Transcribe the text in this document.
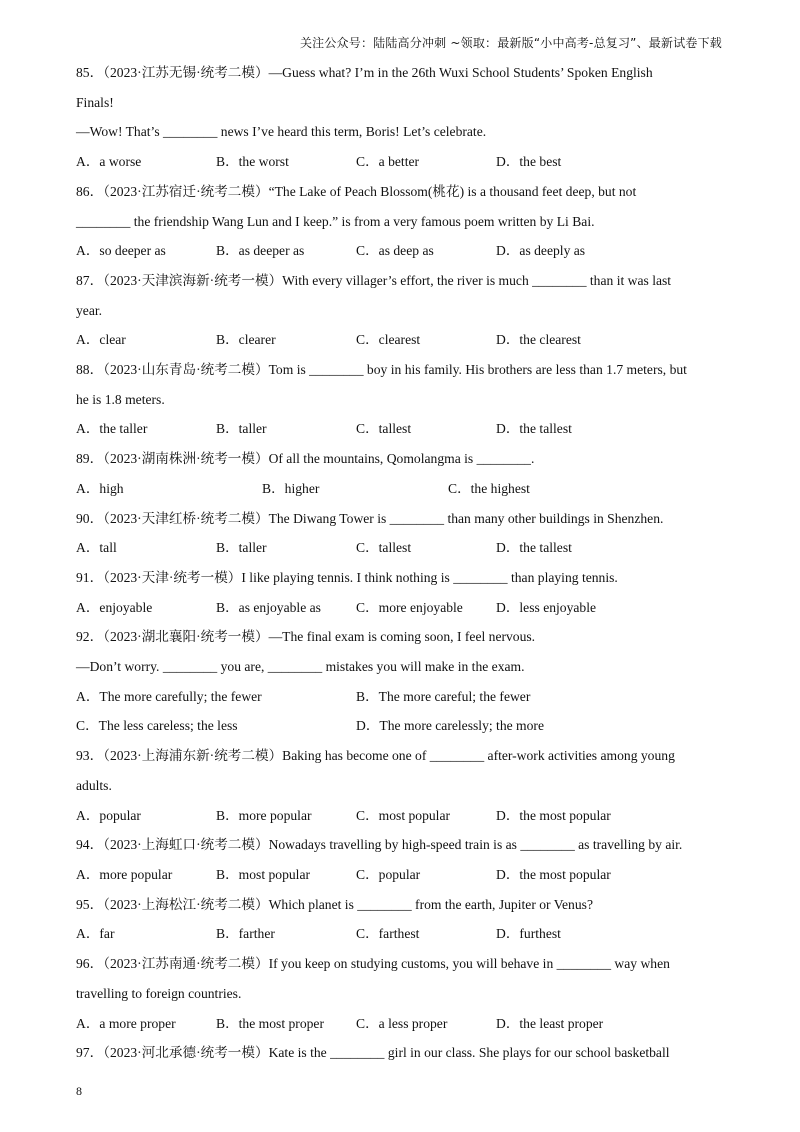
关注公众号：陆陆高分冲刺 ~领取：最新版“小中高考-总复习”、最新试卷下载
85．（2023·江苏无锡·统考二模）—Guess what? I’m in the 26th Wuxi School Students’ Spoken English
Finals!
—Wow! That’s ________ news I’ve heard this term, Boris! Let’s celebrate.
A．a worse	B．the worst	C．a better	D．the best
86．（2023·江苏宿迁·统考二模）“The Lake of Peach Blossom(桃花) is a thousand feet deep, but not
________ the friendship Wang Lun and I keep.” is from a very famous poem written by Li Bai.
A．so deeper as	B．as deeper as	C．as deep as	D．as deeply as
87．（2023·天津滨海新·统考一模）With every villager’s effort, the river is much ________ than it was last
year.
A．clear	B．clearer	C．clearest	D．the clearest
88．（2023·山东青岛·统考二模）Tom is ________ boy in his family. His brothers are less than 1.7 meters, but
he is 1.8 meters.
A．the taller	B．taller	C．tallest	D．the tallest
89．（2023·湖南株洲·统考一模）Of all the mountains, Qomolangma is ________.
A．high	B．higher	C．the highest
90．（2023·天津红桥·统考二模）The Diwang Tower is ________ than many other buildings in Shenzhen.
A．tall	B．taller	C．tallest	D．the tallest
91．（2023·天津·统考一模）I like playing tennis. I think nothing is ________ than playing tennis.
A．enjoyable	B．as enjoyable as	C．more enjoyable	D．less enjoyable
92．（2023·湖北襄阳·统考一模）—The final exam is coming soon, I feel nervous.
—Don’t worry. ________ you are, ________ mistakes you will make in the exam.
A．The more carefully; the fewer	B．The more careful; the fewer
C．The less careless; the less	D．The more carelessly; the more
93．（2023·上海浦东新·统考二模）Baking has become one of ________ after-work activities among young
adults.
A．popular	B．more popular	C．most popular	D．the most popular
94．（2023·上海虹口·统考二模）Nowadays travelling by high-speed train is as ________ as travelling by air.
A．more popular	B．most popular	C．popular	D．the most popular
95．（2023·上海松江·统考二模）Which planet is ________ from the earth, Jupiter or Venus?
A．far	B．farther	C．farthest	D．furthest
96．（2023·江苏南通·统考二模）If you keep on studying customs, you will behave in ________ way when
travelling to foreign countries.
A．a more proper	B．the most proper	C．a less proper	D．the least proper
97．（2023·河北承德·统考一模）Kate is the ________ girl in our class. She plays for our school basketball
8
